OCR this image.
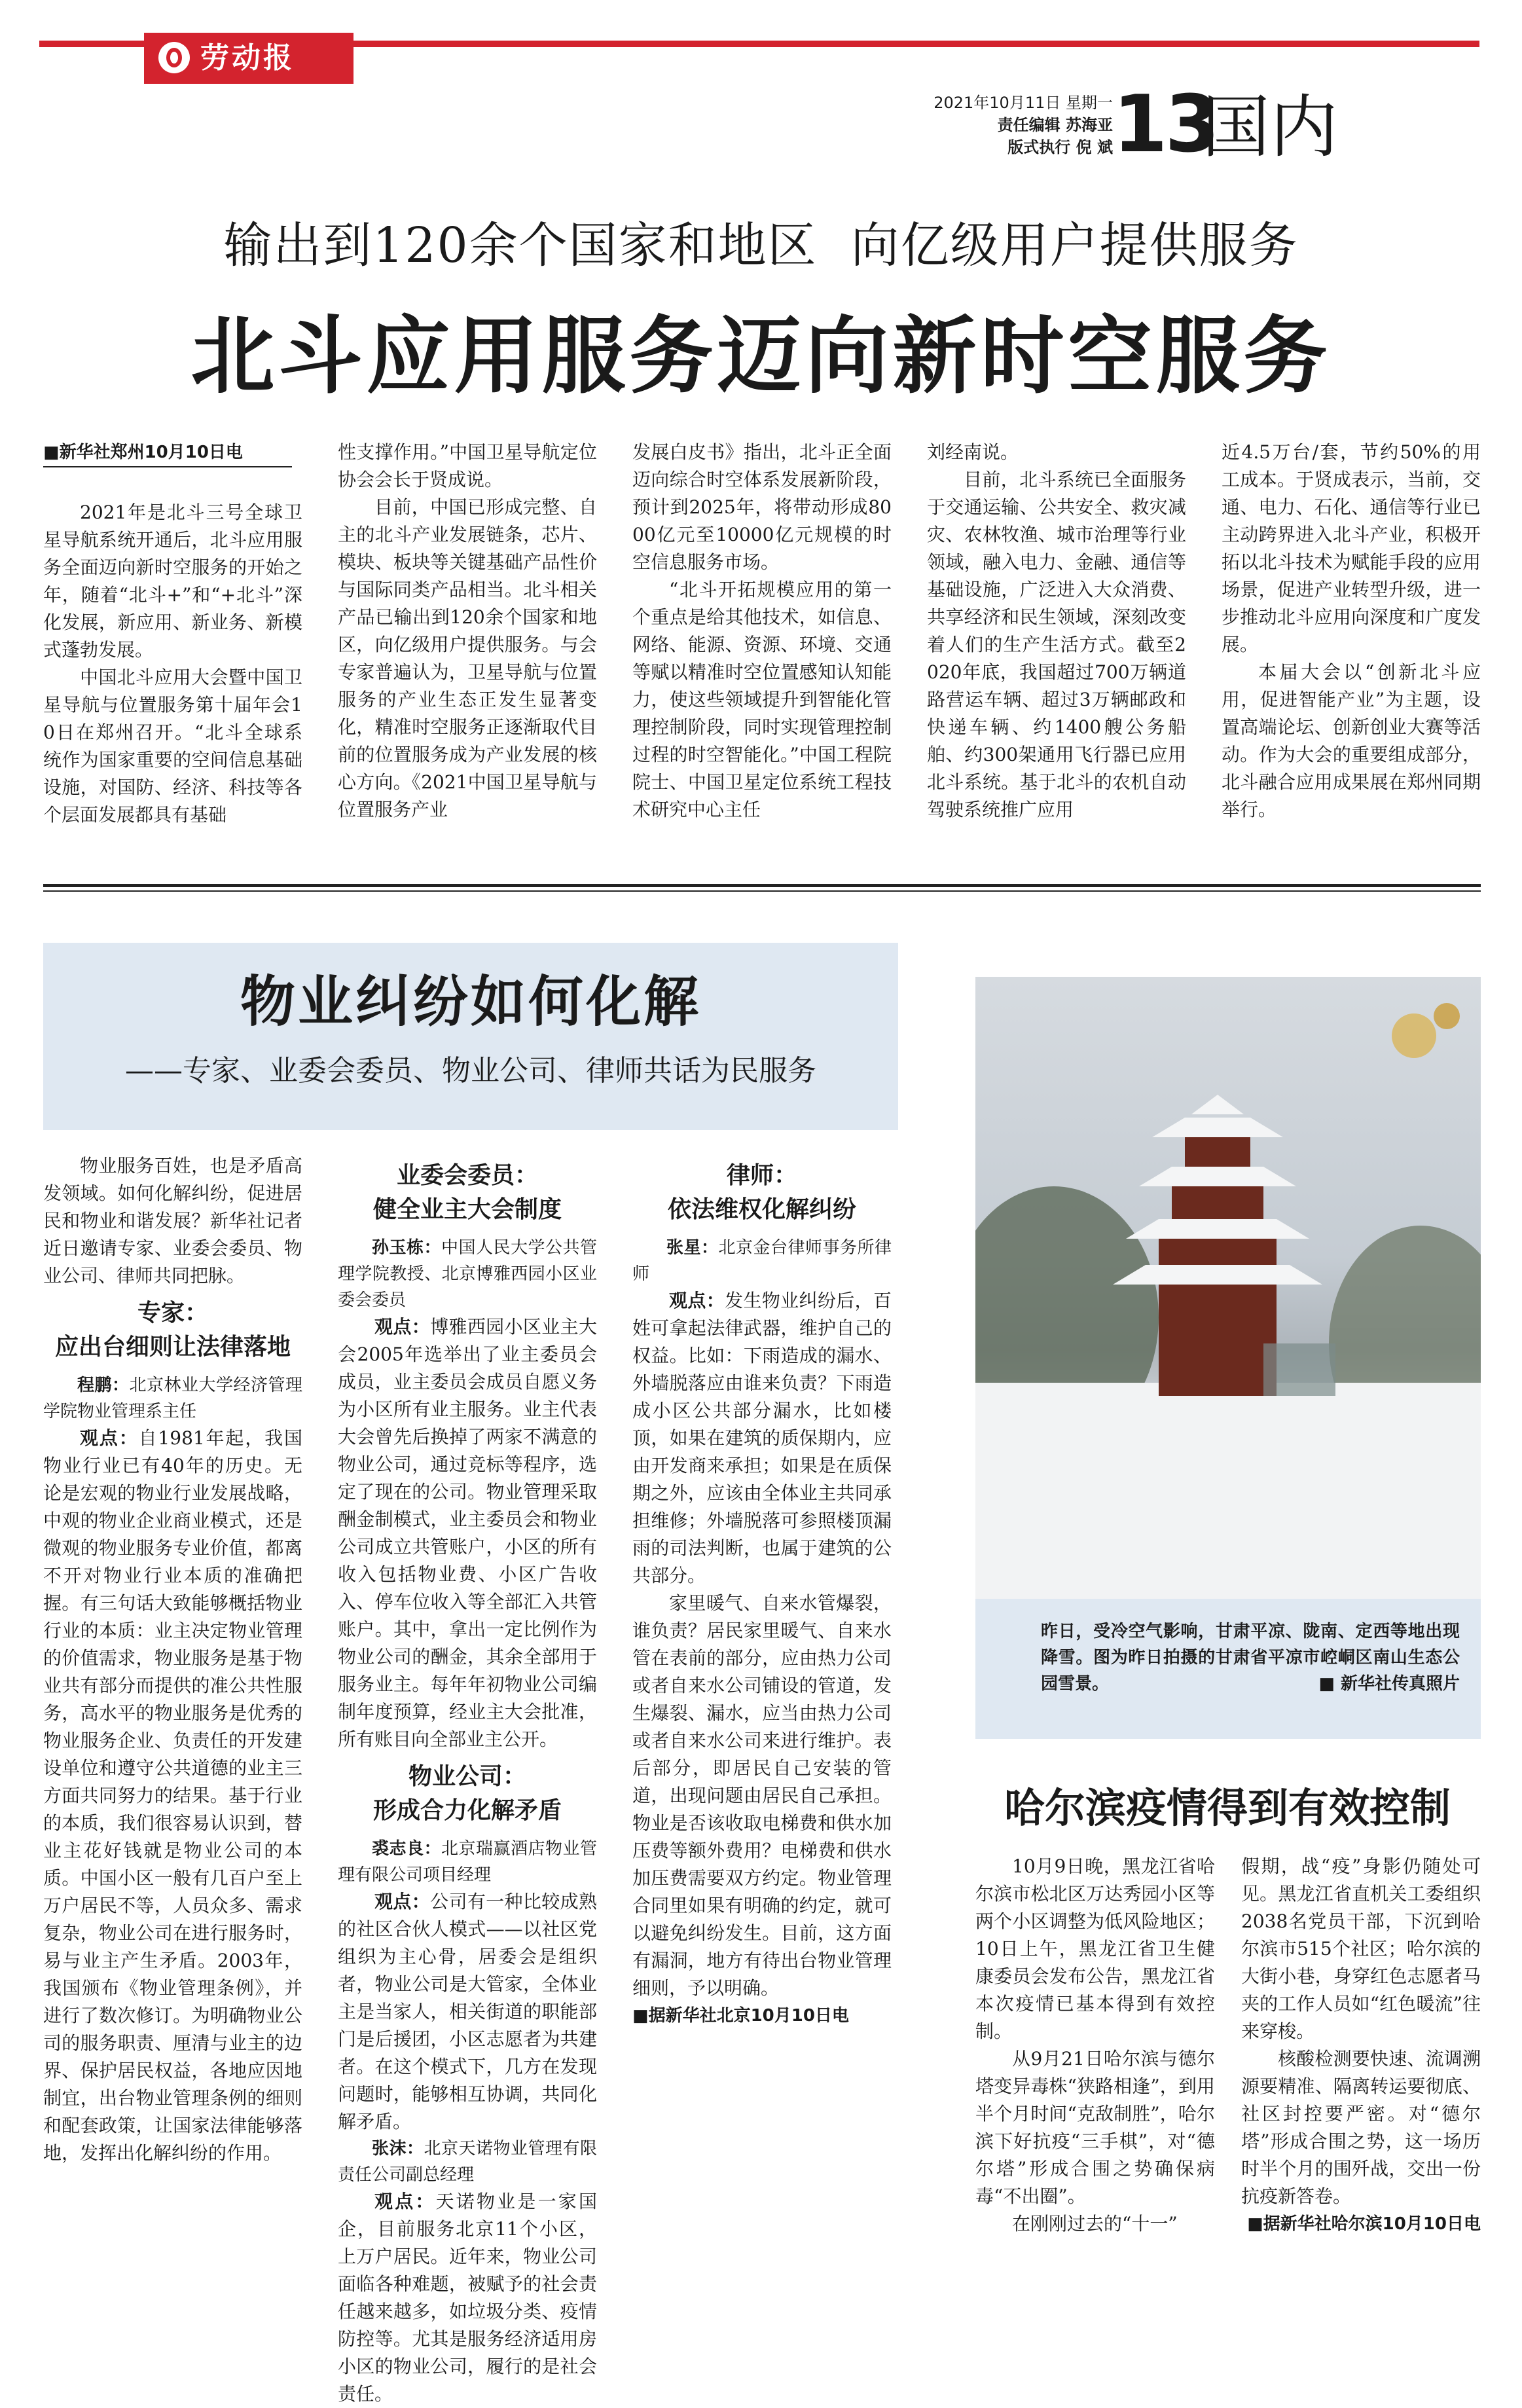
劳动报
2021年10月11日 星期一
责任编辑 苏海亚
版式执行 倪 斌 13
国内
输出到120余个国家和地区  向亿级用户提供服务
北斗应用服务迈向新时空服务

■新华社郑州10月10日电

2021年是北斗三号全球卫星导航系统开通后，北斗应用服务全面迈向新时空服务的开始之年，随着“北斗+”和“+北斗”深化发展，新应用、新业务、新模式蓬勃发展。

中国北斗应用大会暨中国卫星导航与位置服务第十届年会10日在郑州召开。“北斗全球系统作为国家重要的空间信息基础设施，对国防、经济、科技等各个层面发展都具有基础

性支撑作用。”中国卫星导航定位协会会长于贤成说。

目前，中国已形成完整、自主的北斗产业发展链条，芯片、模块、板块等关键基础产品性价与国际同类产品相当。北斗相关产品已输出到120余个国家和地区，向亿级用户提供服务。与会专家普遍认为，卫星导航与位置服务的产业生态正发生显著变化，精准时空服务正逐渐取代目前的位置服务成为产业发展的核心方向。《2021中国卫星导航与位置服务产业

发展白皮书》指出，北斗正全面迈向综合时空体系发展新阶段，预计到2025年，将带动形成8000亿元至10000亿元规模的时空信息服务市场。

“北斗开拓规模应用的第一个重点是给其他技术，如信息、网络、能源、资源、环境、交通等赋以精准时空位置感知认知能力，使这些领域提升到智能化管理控制阶段，同时实现管理控制过程的时空智能化。”中国工程院院士、中国卫星定位系统工程技术研究中心主任

刘经南说。

目前，北斗系统已全面服务于交通运输、公共安全、救灾减灾、农林牧渔、城市治理等行业领域，融入电力、金融、通信等基础设施，广泛进入大众消费、共享经济和民生领域，深刻改变着人们的生产生活方式。截至2020年底，我国超过700万辆道路营运车辆、超过3万辆邮政和快递车辆、约1400艘公务船舶、约300架通用飞行器已应用北斗系统。基于北斗的农机自动驾驶系统推广应用

近4.5万台/套，节约50%的用工成本。于贤成表示，当前，交通、电力、石化、通信等行业已主动跨界进入北斗产业，积极开拓以北斗技术为赋能手段的应用场景，促进产业转型升级，进一步推动北斗应用向深度和广度发展。

本届大会以“创新北斗应用，促进智能产业”为主题，设置高端论坛、创新创业大赛等活动。作为大会的重要组成部分，北斗融合应用成果展在郑州同期举行。

物业纠纷如何化解
——专家、业委会委员、物业公司、律师共话为民服务

物业服务百姓，也是矛盾高发领域。如何化解纠纷，促进居民和物业和谐发展？新华社记者近日邀请专家、业委会委员、物业公司、律师共同把脉。

专家：
应出台细则让法律落地

程鹏：北京林业大学经济管理学院物业管理系主任

观点：自1981年起，我国物业行业已有40年的历史。无论是宏观的物业行业发展战略，中观的物业企业商业模式，还是微观的物业服务专业价值，都离不开对物业行业本质的准确把握。有三句话大致能够概括物业行业的本质：业主决定物业管理的价值需求，物业服务是基于物业共有部分而提供的准公共性服务，高水平的物业服务是优秀的物业服务企业、负责任的开发建设单位和遵守公共道德的业主三方面共同努力的结果。基于行业的本质，我们很容易认识到，替业主花好钱就是物业公司的本质。中国小区一般有几百户至上万户居民不等，人员众多、需求复杂，物业公司在进行服务时，易与业主产生矛盾。2003年，我国颁布《物业管理条例》，并进行了数次修订。为明确物业公司的服务职责、厘清与业主的边界、保护居民权益，各地应因地制宜，出台物业管理条例的细则和配套政策，让国家法律能够落地，发挥出化解纠纷的作用。

业委会委员：
健全业主大会制度

孙玉栋：中国人民大学公共管理学院教授、北京博雅西园小区业委会委员

观点：博雅西园小区业主大会2005年选举出了业主委员会成员，业主委员会成员自愿义务为小区所有业主服务。业主代表大会曾先后换掉了两家不满意的物业公司，通过竞标等程序，选定了现在的公司。物业管理采取酬金制模式，业主委员会和物业公司成立共管账户，小区的所有收入包括物业费、小区广告收入、停车位收入等全部汇入共管账户。其中，拿出一定比例作为物业公司的酬金，其余全部用于服务业主。每年年初物业公司编制年度预算，经业主大会批准，所有账目向全部业主公开。

物业公司：
形成合力化解矛盾

裘志良：北京瑞赢酒店物业管理有限公司项目经理

观点：公司有一种比较成熟的社区合伙人模式——以社区党组织为主心骨，居委会是组织者，物业公司是大管家，全体业主是当家人，相关街道的职能部门是后援团，小区志愿者为共建者。在这个模式下，几方在发现问题时，能够相互协调，共同化解矛盾。

张沫：北京天诺物业管理有限责任公司副总经理

观点：天诺物业是一家国企，目前服务北京11个小区，上万户居民。近年来，物业公司面临各种难题，被赋予的社会责任越来越多，如垃圾分类、疫情防控等。尤其是服务经济适用房小区的物业公司，履行的是社会责任。

律师：
依法维权化解纠纷

张星：北京金台律师事务所律师

观点：发生物业纠纷后，百姓可拿起法律武器，维护自己的权益。比如：下雨造成的漏水、外墙脱落应由谁来负责？下雨造成小区公共部分漏水，比如楼顶，如果在建筑的质保期内，应由开发商来承担；如果是在质保期之外，应该由全体业主共同承担维修；外墙脱落可参照楼顶漏雨的司法判断，也属于建筑的公共部分。

家里暖气、自来水管爆裂，谁负责？居民家里暖气、自来水管在表前的部分，应由热力公司或者自来水公司铺设的管道，发生爆裂、漏水，应当由热力公司或者自来水公司来进行维护。表后部分，即居民自己安装的管道，出现问题由居民自己承担。物业是否该收取电梯费和供水加压费等额外费用？电梯费和供水加压费需要双方约定。物业管理合同里如果有明确的约定，就可以避免纠纷发生。目前，这方面有漏洞，地方有待出台物业管理细则，予以明确。

■据新华社北京10月10日电

昨日，受冷空气影响，甘肃平凉、陇南、定西等地出现降雪。图为昨日拍摄的甘肃省平凉市崆峒区南山生态公园雪景。	■ 新华社传真照片
哈尔滨疫情得到有效控制

10月9日晚，黑龙江省哈尔滨市松北区万达秀园小区等两个小区调整为低风险地区；10日上午，黑龙江省卫生健康委员会发布公告，黑龙江省本次疫情已基本得到有效控制。

从9月21日哈尔滨与德尔塔变异毒株“狭路相逢”，到用半个月时间“克敌制胜”，哈尔滨下好抗疫“三手棋”，对“德尔塔”形成合围之势确保病毒“不出圈”。

在刚刚过去的“十一”

假期，战“疫”身影仍随处可见。黑龙江省直机关工委组织2038名党员干部，下沉到哈尔滨市515个社区；哈尔滨的大街小巷，身穿红色志愿者马夹的工作人员如“红色暖流”往来穿梭。

核酸检测要快速、流调溯源要精准、隔离转运要彻底、社区封控要严密。对“德尔塔”形成合围之势，这一场历时半个月的围歼战，交出一份抗疫新答卷。

■据新华社哈尔滨10月10日电
